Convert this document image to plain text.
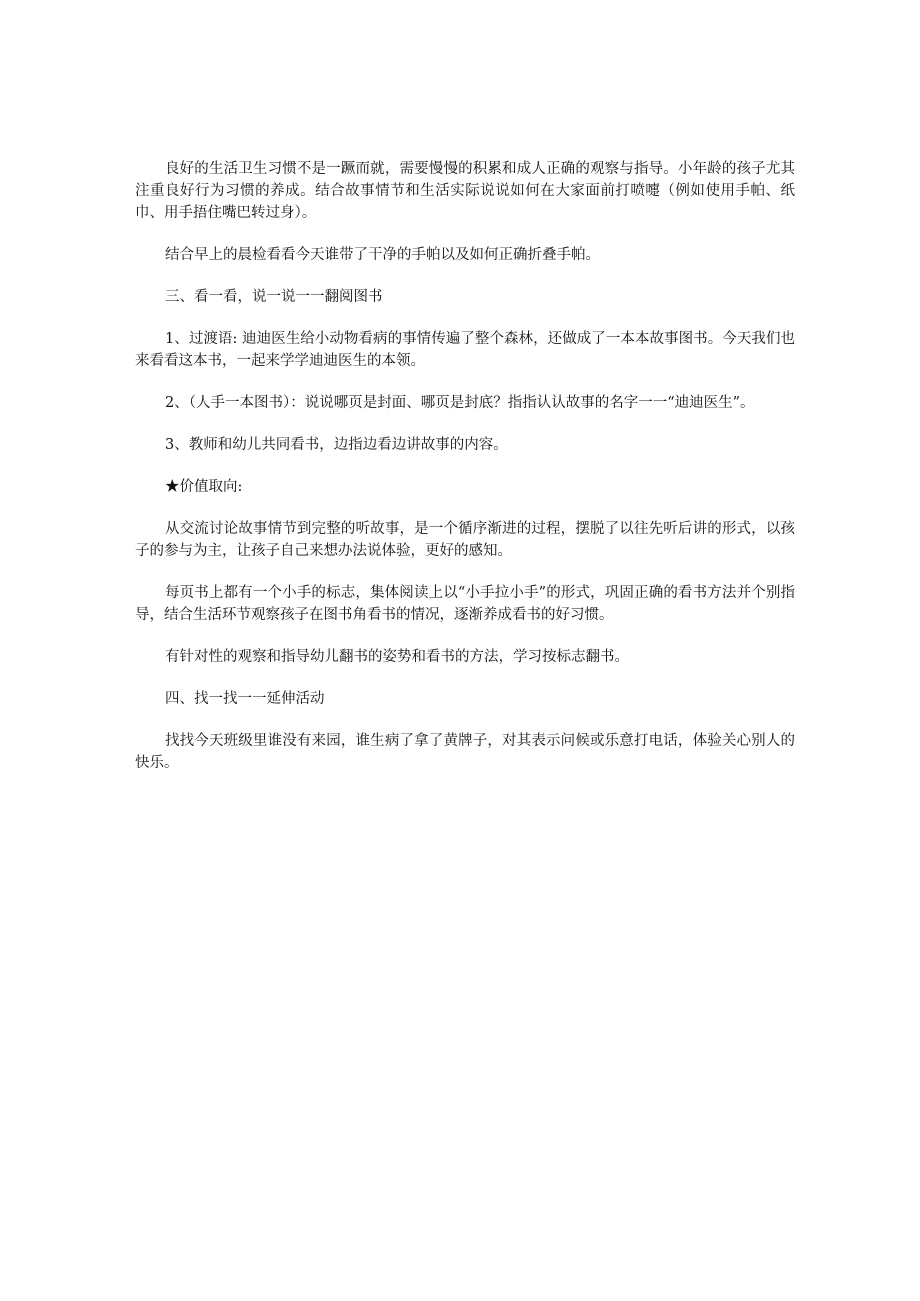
良好的生活卫生习惯不是一蹶而就，需要慢慢的积累和成人正确的观察与指导。小年龄的孩子尤其注重良好行为习惯的养成。结合故事情节和生活实际说说如何在大家面前打喷嚏（例如使用手帕、纸巾、用手捂住嘴巴转过身）。

结合早上的晨检看看今天谁带了干净的手帕以及如何正确折叠手帕。

三、看一看，说一说一一翻阅图书

1、过渡语: 迪迪医生给小动物看病的事情传遍了整个森林，还做成了一本本故事图书。今天我们也来看看这本书，一起来学学迪迪医生的本领。

2、（人手一本图书）：说说哪页是封面、哪页是封底？指指认认故事的名字一一“迪迪医生”。

3、教师和幼儿共同看书，边指边看边讲故事的内容。

★价值取向:

从交流讨论故事情节到完整的听故事，是一个循序渐进的过程，摆脱了以往先听后讲的形式，以孩子的参与为主，让孩子自己来想办法说体验，更好的感知。

每页书上都有一个小手的标志，集体阅读上以“小手拉小手”的形式，巩固正确的看书方法并个别指导，结合生活环节观察孩子在图书角看书的情况，逐渐养成看书的好习惯。

有针对性的观察和指导幼儿翻书的姿势和看书的方法，学习按标志翻书。

四、找一找一一延伸活动

找找今天班级里谁没有来园，谁生病了拿了黄牌子，对其表示问候或乐意打电话，体验关心别人的快乐。
